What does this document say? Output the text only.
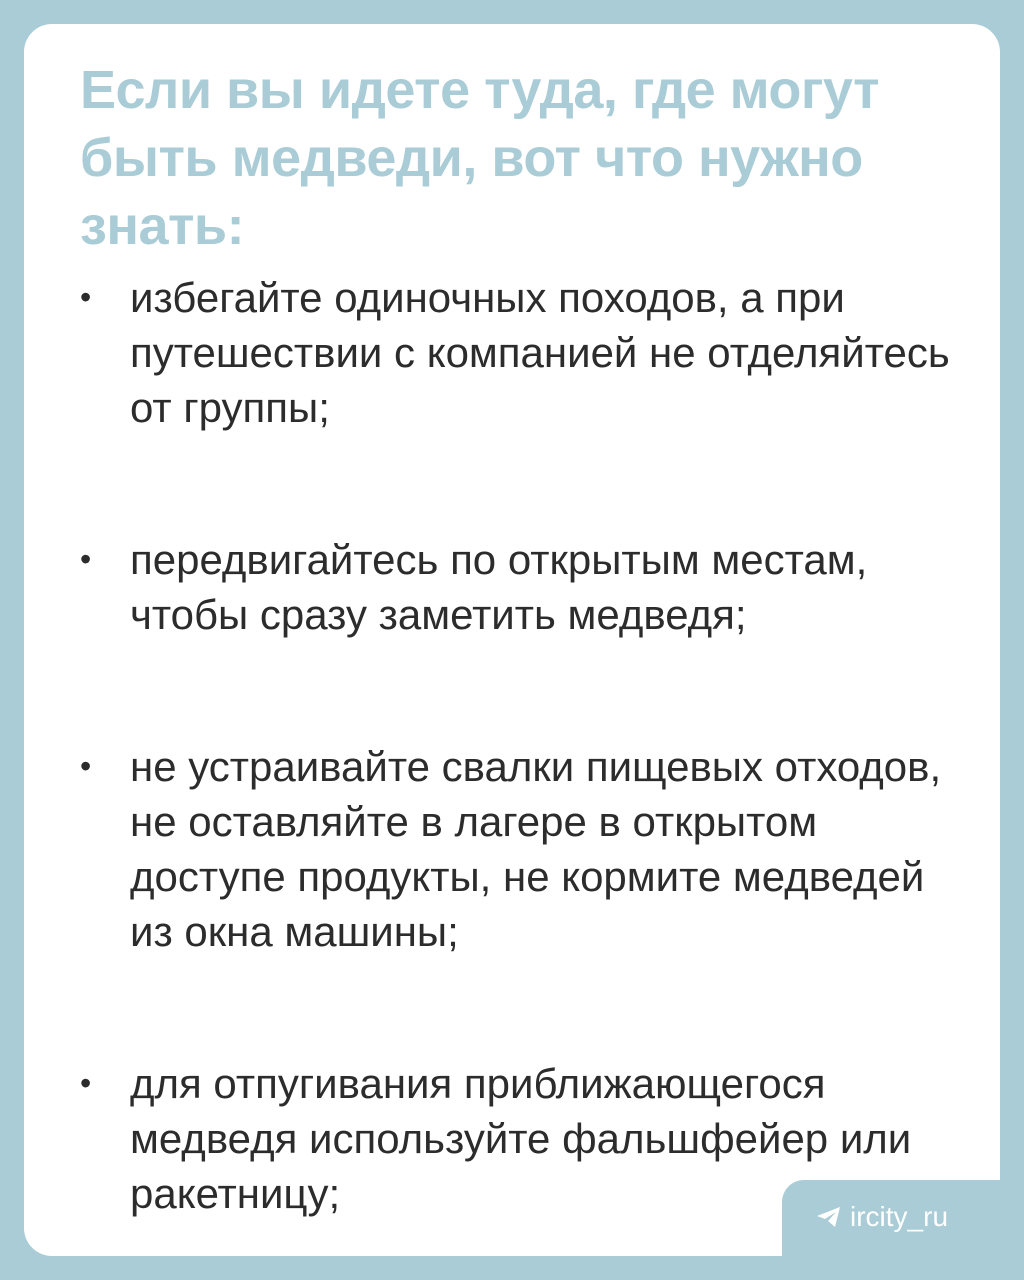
Если вы идете туда, где могут быть медведи, вот что нужно знать:
• избегайте одиночных походов, а при путешествии с компанией не отделяйтесь от группы;
• передвигайтесь по открытым местам, чтобы сразу заметить медведя;
• не устраивайте свалки пищевых отходов, не оставляйте в лагере в открытом доступе продукты, не кормите медведей из окна машины;
• для отпугивания приближающегося медведя используйте фальшфейер или ракетницу;	ircity_ru
